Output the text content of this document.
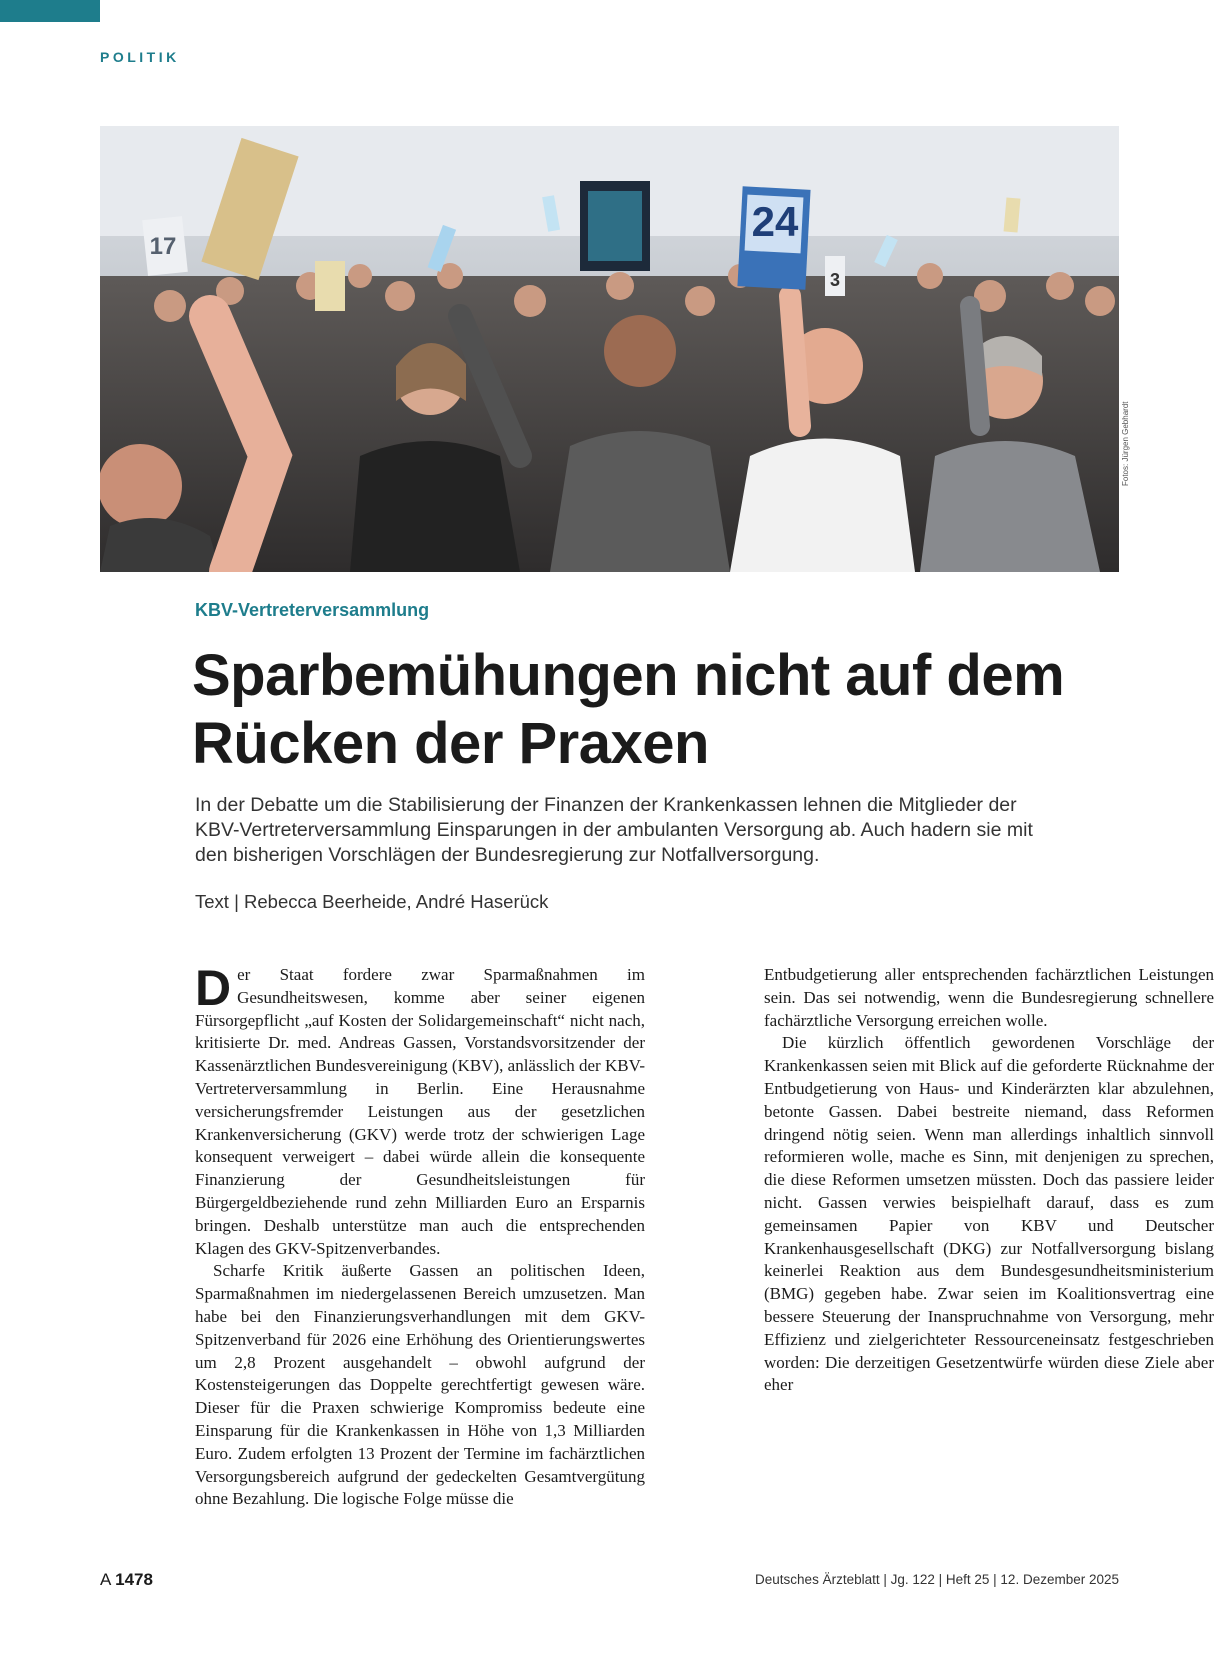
POLITIK
24
17
3
Fotos: Jürgen Gebhardt
KBV-Vertreterversammlung
Sparbemühungen nicht auf dem Rücken der Praxen

In der Debatte um die Stabilisierung der Finanzen der Krankenkassen lehnen die Mitglieder der KBV-Vertreterversammlung Einsparungen in der ambulanten Versorgung ab. Auch hadern sie mit den bisherigen Vorschlägen der Bundesregierung zur Notfallversorgung.

Text | Rebecca Beerheide, André Haserück

Der Staat fordere zwar Sparmaßnahmen im Gesundheitswesen, komme aber seiner eigenen Fürsorgepflicht „auf Kosten der Solidargemeinschaft“ nicht nach, kritisierte Dr. med. Andreas Gassen, Vorstandsvorsitzender der Kassenärztlichen Bundesvereinigung (KBV), anlässlich der KBV-Vertreterversammlung in Berlin. Eine Herausnahme versicherungsfremder Leistungen aus der gesetzlichen Krankenversicherung (GKV) werde trotz der schwierigen Lage konsequent verweigert – dabei würde allein die konsequente Finanzierung der Gesundheitsleistungen für Bürgergeldbeziehende rund zehn Milliarden Euro an Ersparnis bringen. Deshalb unterstütze man auch die entsprechenden Klagen des GKV-Spitzenverbandes.

Scharfe Kritik äußerte Gassen an politischen Ideen, Sparmaßnahmen im niedergelassenen Bereich umzusetzen. Man habe bei den Finanzierungsverhandlungen mit dem GKV-Spitzenverband für 2026 eine Erhöhung des Orientierungswertes um 2,8 Prozent ausgehandelt – obwohl aufgrund der Kostensteigerungen das Doppelte gerechtfertigt gewesen wäre. Dieser für die Praxen schwierige Kompromiss bedeute eine Einsparung für die Krankenkassen in Höhe von 1,3 Milliarden Euro. Zudem erfolgten 13 Prozent der Termine im fachärztlichen Versorgungsbereich aufgrund der gedeckelten Gesamtvergütung ohne Bezahlung. Die logische Folge müsse die

Entbudgetierung aller entsprechenden fachärztlichen Leistungen sein. Das sei notwendig, wenn die Bundesregierung schnellere fachärztliche Versorgung erreichen wolle.

Die kürzlich öffentlich gewordenen Vorschläge der Krankenkassen seien mit Blick auf die geforderte Rücknahme der Entbudgetierung von Haus- und Kinderärzten klar abzulehnen, betonte Gassen. Dabei bestreite niemand, dass Reformen dringend nötig seien. Wenn man allerdings inhaltlich sinnvoll reformieren wolle, mache es Sinn, mit denjenigen zu sprechen, die diese Reformen umsetzen müssten. Doch das passiere leider nicht. Gassen verwies beispielhaft darauf, dass es zum gemeinsamen Papier von KBV und Deutscher Krankenhausgesellschaft (DKG) zur Notfallversorgung bislang keinerlei Reaktion aus dem Bundesgesundheitsministerium (BMG) gegeben habe. Zwar seien im Koalitionsvertrag eine bessere Steuerung der Inanspruchnahme von Versorgung, mehr Effizienz und zielgerichteter Ressourceneinsatz festgeschrieben worden: Die derzeitigen Gesetzentwürfe würden diese Ziele aber eher

A 1478	Deutsches Ärzteblatt | Jg. 122 | Heft 25 | 12. Dezember 2025
